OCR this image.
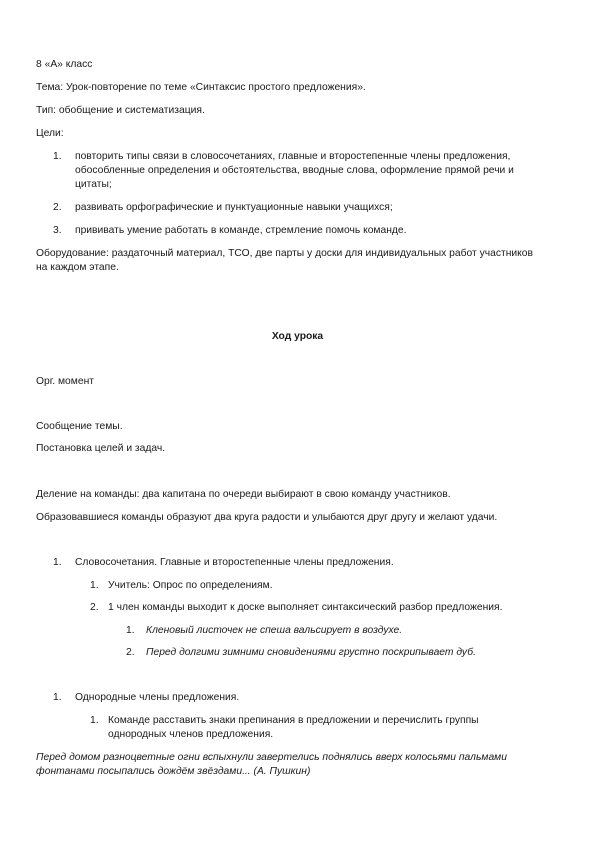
8 «А» класс
Тема: Урок-повторение по теме «Синтаксис простого предложения».
Тип: обобщение и систематизация.
Цели:
1. повторить типы связи в словосочетаниях, главные и второстепенные члены предложения,
обособленные определения и обстоятельства, вводные слова, оформление прямой речи и
цитаты;
2. развивать орфографические и пунктуационные навыки учащихся;
3. прививать умение работать в команде, стремление помочь команде.
Оборудование: раздаточный материал, ТСО, две парты у доски для индивидуальных работ участников
на каждом этапе.
Ход урока
Орг. момент
Сообщение темы.
Постановка целей и задач.
Деление на команды: два капитана по очереди выбирают в свою команду участников.
Образовавшиеся команды образуют два круга радости и улыбаются друг другу и желают удачи.
1. Словосочетания. Главные и второстепенные члены предложения.
1. Учитель: Опрос по определениям.
2. 1 член команды выходит к доске выполняет синтаксический разбор предложения.
1. Кленовый листочек не спеша вальсирует в воздухе.
2. Перед долгими зимними сновидениями грустно поскрипывает дуб.
1. Однородные члены предложения.
1. Команде расставить знаки препинания в предложении и перечислить группы
однородных членов предложения.
Перед домом разноцветные огни вспыхнули завертелись поднялись вверх колосьями пальмами
фонтанами посыпались дождём звёздами... (А. Пушкин)
